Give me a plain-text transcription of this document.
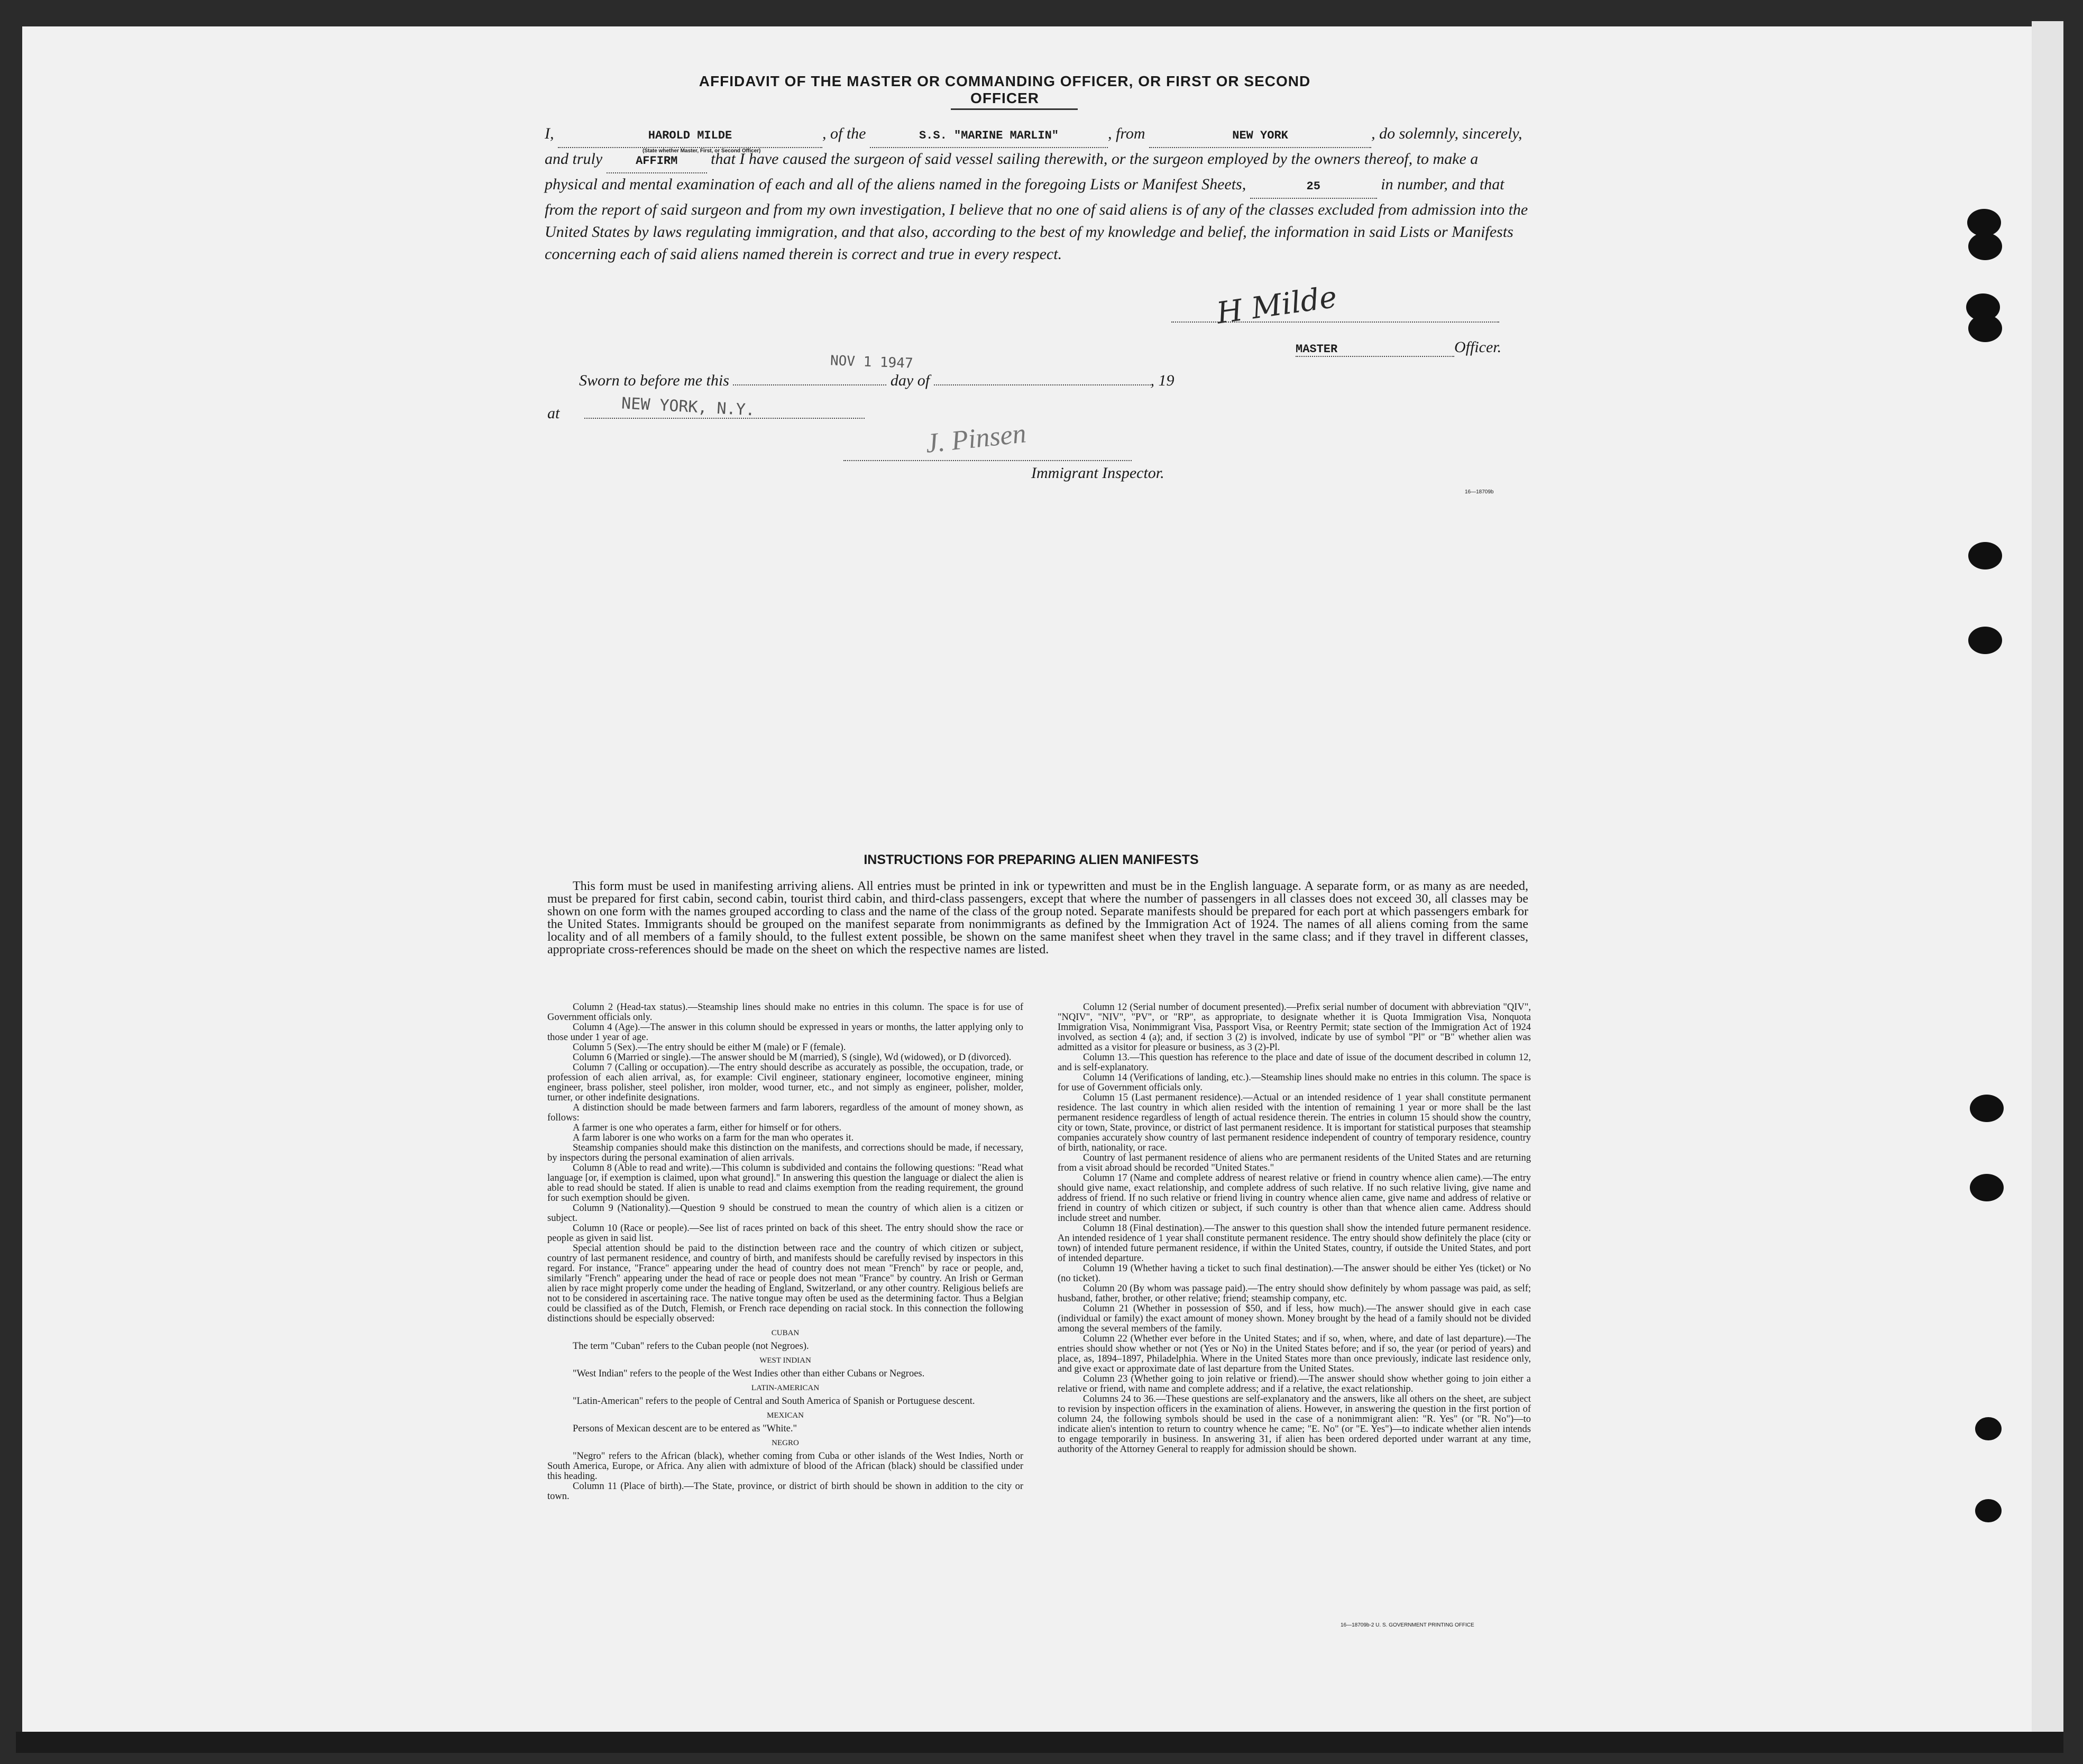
AFFIDAVIT OF THE MASTER OR COMMANDING OFFICER, OR FIRST OR SECOND OFFICER
I,	HAROLD MILDE	, of the	S.S. "MARINE MARLIN"	, from	NEW YORK	, do solemnly, sincerely, and truly	AFFIRM that I have caused the surgeon of said vessel sailing therewith, or the surgeon employed by the owners thereof, to make a physical and mental examination of each and all of the aliens named in the foregoing Lists or Manifest Sheets,	25	in number, and that from the report of said surgeon and from my own investigation, I believe that no one of said aliens is of any of the classes excluded from admission into the United States by laws regulating immigration, and that also, according to the best of my knowledge and belief, the information in said Lists or Manifests concerning each of said aliens named therein is correct and true in every respect.
(State whether Master, First, or Second Officer)
H Milde
MASTER	Officer.
NOV 1 1947
Sworn to before me this	day of	, 19
at	NEW YORK, N.Y.
J. Pinsen
Immigrant Inspector.
16—18709b
INSTRUCTIONS FOR PREPARING ALIEN MANIFESTS
This form must be used in manifesting arriving aliens. All entries must be printed in ink or typewritten and must be in the English language. A separate form, or as many as are needed, must be prepared for first cabin, second cabin, tourist third cabin, and third-class passengers, except that where the number of passengers in all classes does not exceed 30, all classes may be shown on one form with the names grouped according to class and the name of the class of the group noted. Separate manifests should be prepared for each port at which passengers embark for the United States. Immigrants should be grouped on the manifest separate from nonimmigrants as defined by the Immigration Act of 1924. The names of all aliens coming from the same locality and of all members of a family should, to the fullest extent possible, be shown on the same manifest sheet when they travel in the same class; and if they travel in different classes, appropriate cross-references should be made on the sheet on which the respective names are listed.

Column 2 (Head-tax status).—Steamship lines should make no entries in this column. The space is for use of Government officials only.

Column 4 (Age).—The answer in this column should be expressed in years or months, the latter applying only to those under 1 year of age.

Column 5 (Sex).—The entry should be either M (male) or F (female).

Column 6 (Married or single).—The answer should be M (married), S (single), Wd (widowed), or D (divorced).

Column 7 (Calling or occupation).—The entry should describe as accurately as possible, the occupation, trade, or profession of each alien arrival, as, for example: Civil engineer, stationary engineer, locomotive engineer, mining engineer, brass polisher, steel polisher, iron molder, wood turner, etc., and not simply as engineer, polisher, molder, turner, or other indefinite designations.

A distinction should be made between farmers and farm laborers, regardless of the amount of money shown, as follows:

A farmer is one who operates a farm, either for himself or for others.

A farm laborer is one who works on a farm for the man who operates it.

Steamship companies should make this distinction on the manifests, and corrections should be made, if necessary, by inspectors during the personal examination of alien arrivals.

Column 8 (Able to read and write).—This column is subdivided and contains the following questions: "Read what language [or, if exemption is claimed, upon what ground]." In answering this question the language or dialect the alien is able to read should be stated. If alien is unable to read and claims exemption from the reading requirement, the ground for such exemption should be given.

Column 9 (Nationality).—Question 9 should be construed to mean the country of which alien is a citizen or subject.

Column 10 (Race or people).—See list of races printed on back of this sheet. The entry should show the race or people as given in said list.

Special attention should be paid to the distinction between race and the country of which citizen or subject, country of last permanent residence, and country of birth, and manifests should be carefully revised by inspectors in this regard. For instance, "France" appearing under the head of country does not mean "French" by race or people, and, similarly "French" appearing under the head of race or people does not mean "France" by country. An Irish or German alien by race might properly come under the heading of England, Switzerland, or any other country. Religious beliefs are not to be considered in ascertaining race. The native tongue may often be used as the determining factor. Thus a Belgian could be classified as of the Dutch, Flemish, or French race depending on racial stock. In this connection the following distinctions should be especially observed:

CUBAN

The term "Cuban" refers to the Cuban people (not Negroes).

WEST INDIAN

"West Indian" refers to the people of the West Indies other than either Cubans or Negroes.

LATIN-AMERICAN

"Latin-American" refers to the people of Central and South America of Spanish or Portuguese descent.

MEXICAN

Persons of Mexican descent are to be entered as "White."

NEGRO

"Negro" refers to the African (black), whether coming from Cuba or other islands of the West Indies, North or South America, Europe, or Africa. Any alien with admixture of blood of the African (black) should be classified under this heading.

Column 11 (Place of birth).—The State, province, or district of birth should be shown in addition to the city or town.

Column 12 (Serial number of document presented).—Prefix serial number of document with abbreviation "QIV", "NQIV", "NIV", "PV", or "RP", as appropriate, to designate whether it is Quota Immigration Visa, Nonquota Immigration Visa, Nonimmigrant Visa, Passport Visa, or Reentry Permit; state section of the Immigration Act of 1924 involved, as section 4 (a); and, if section 3 (2) is involved, indicate by use of symbol "Pl" or "B" whether alien was admitted as a visitor for pleasure or business, as 3 (2)-Pl.

Column 13.—This question has reference to the place and date of issue of the document described in column 12, and is self-explanatory.

Column 14 (Verifications of landing, etc.).—Steamship lines should make no entries in this column. The space is for use of Government officials only.

Column 15 (Last permanent residence).—Actual or an intended residence of 1 year shall constitute permanent residence. The last country in which alien resided with the intention of remaining 1 year or more shall be the last permanent residence regardless of length of actual residence therein. The entries in column 15 should show the country, city or town, State, province, or district of last permanent residence. It is important for statistical purposes that steamship companies accurately show country of last permanent residence independent of country of temporary residence, country of birth, nationality, or race.

Country of last permanent residence of aliens who are permanent residents of the United States and are returning from a visit abroad should be recorded "United States."

Column 17 (Name and complete address of nearest relative or friend in country whence alien came).—The entry should give name, exact relationship, and complete address of such relative. If no such relative living, give name and address of friend. If no such relative or friend living in country whence alien came, give name and address of relative or friend in country of which citizen or subject, if such country is other than that whence alien came. Address should include street and number.

Column 18 (Final destination).—The answer to this question shall show the intended future permanent residence. An intended residence of 1 year shall constitute permanent residence. The entry should show definitely the place (city or town) of intended future permanent residence, if within the United States, country, if outside the United States, and port of intended departure.

Column 19 (Whether having a ticket to such final destination).—The answer should be either Yes (ticket) or No (no ticket).

Column 20 (By whom was passage paid).—The entry should show definitely by whom passage was paid, as self; husband, father, brother, or other relative; friend; steamship company, etc.

Column 21 (Whether in possession of $50, and if less, how much).—The answer should give in each case (individual or family) the exact amount of money shown. Money brought by the head of a family should not be divided among the several members of the family.

Column 22 (Whether ever before in the United States; and if so, when, where, and date of last departure).—The entries should show whether or not (Yes or No) in the United States before; and if so, the year (or period of years) and place, as, 1894–1897, Philadelphia. Where in the United States more than once previously, indicate last residence only, and give exact or approximate date of last departure from the United States.

Column 23 (Whether going to join relative or friend).—The answer should show whether going to join either a relative or friend, with name and complete address; and if a relative, the exact relationship.

Columns 24 to 36.—These questions are self-explanatory and the answers, like all others on the sheet, are subject to revision by inspection officers in the examination of aliens. However, in answering the question in the first portion of column 24, the following symbols should be used in the case of a nonimmigrant alien: "R. Yes" (or "R. No")—to indicate alien's intention to return to country whence he came; "E. No" (or "E. Yes")—to indicate whether alien intends to engage temporarily in business. In answering 31, if alien has been ordered deported under warrant at any time, authority of the Attorney General to reapply for admission should be shown.

16—18709b-2 U. S. GOVERNMENT PRINTING OFFICE
